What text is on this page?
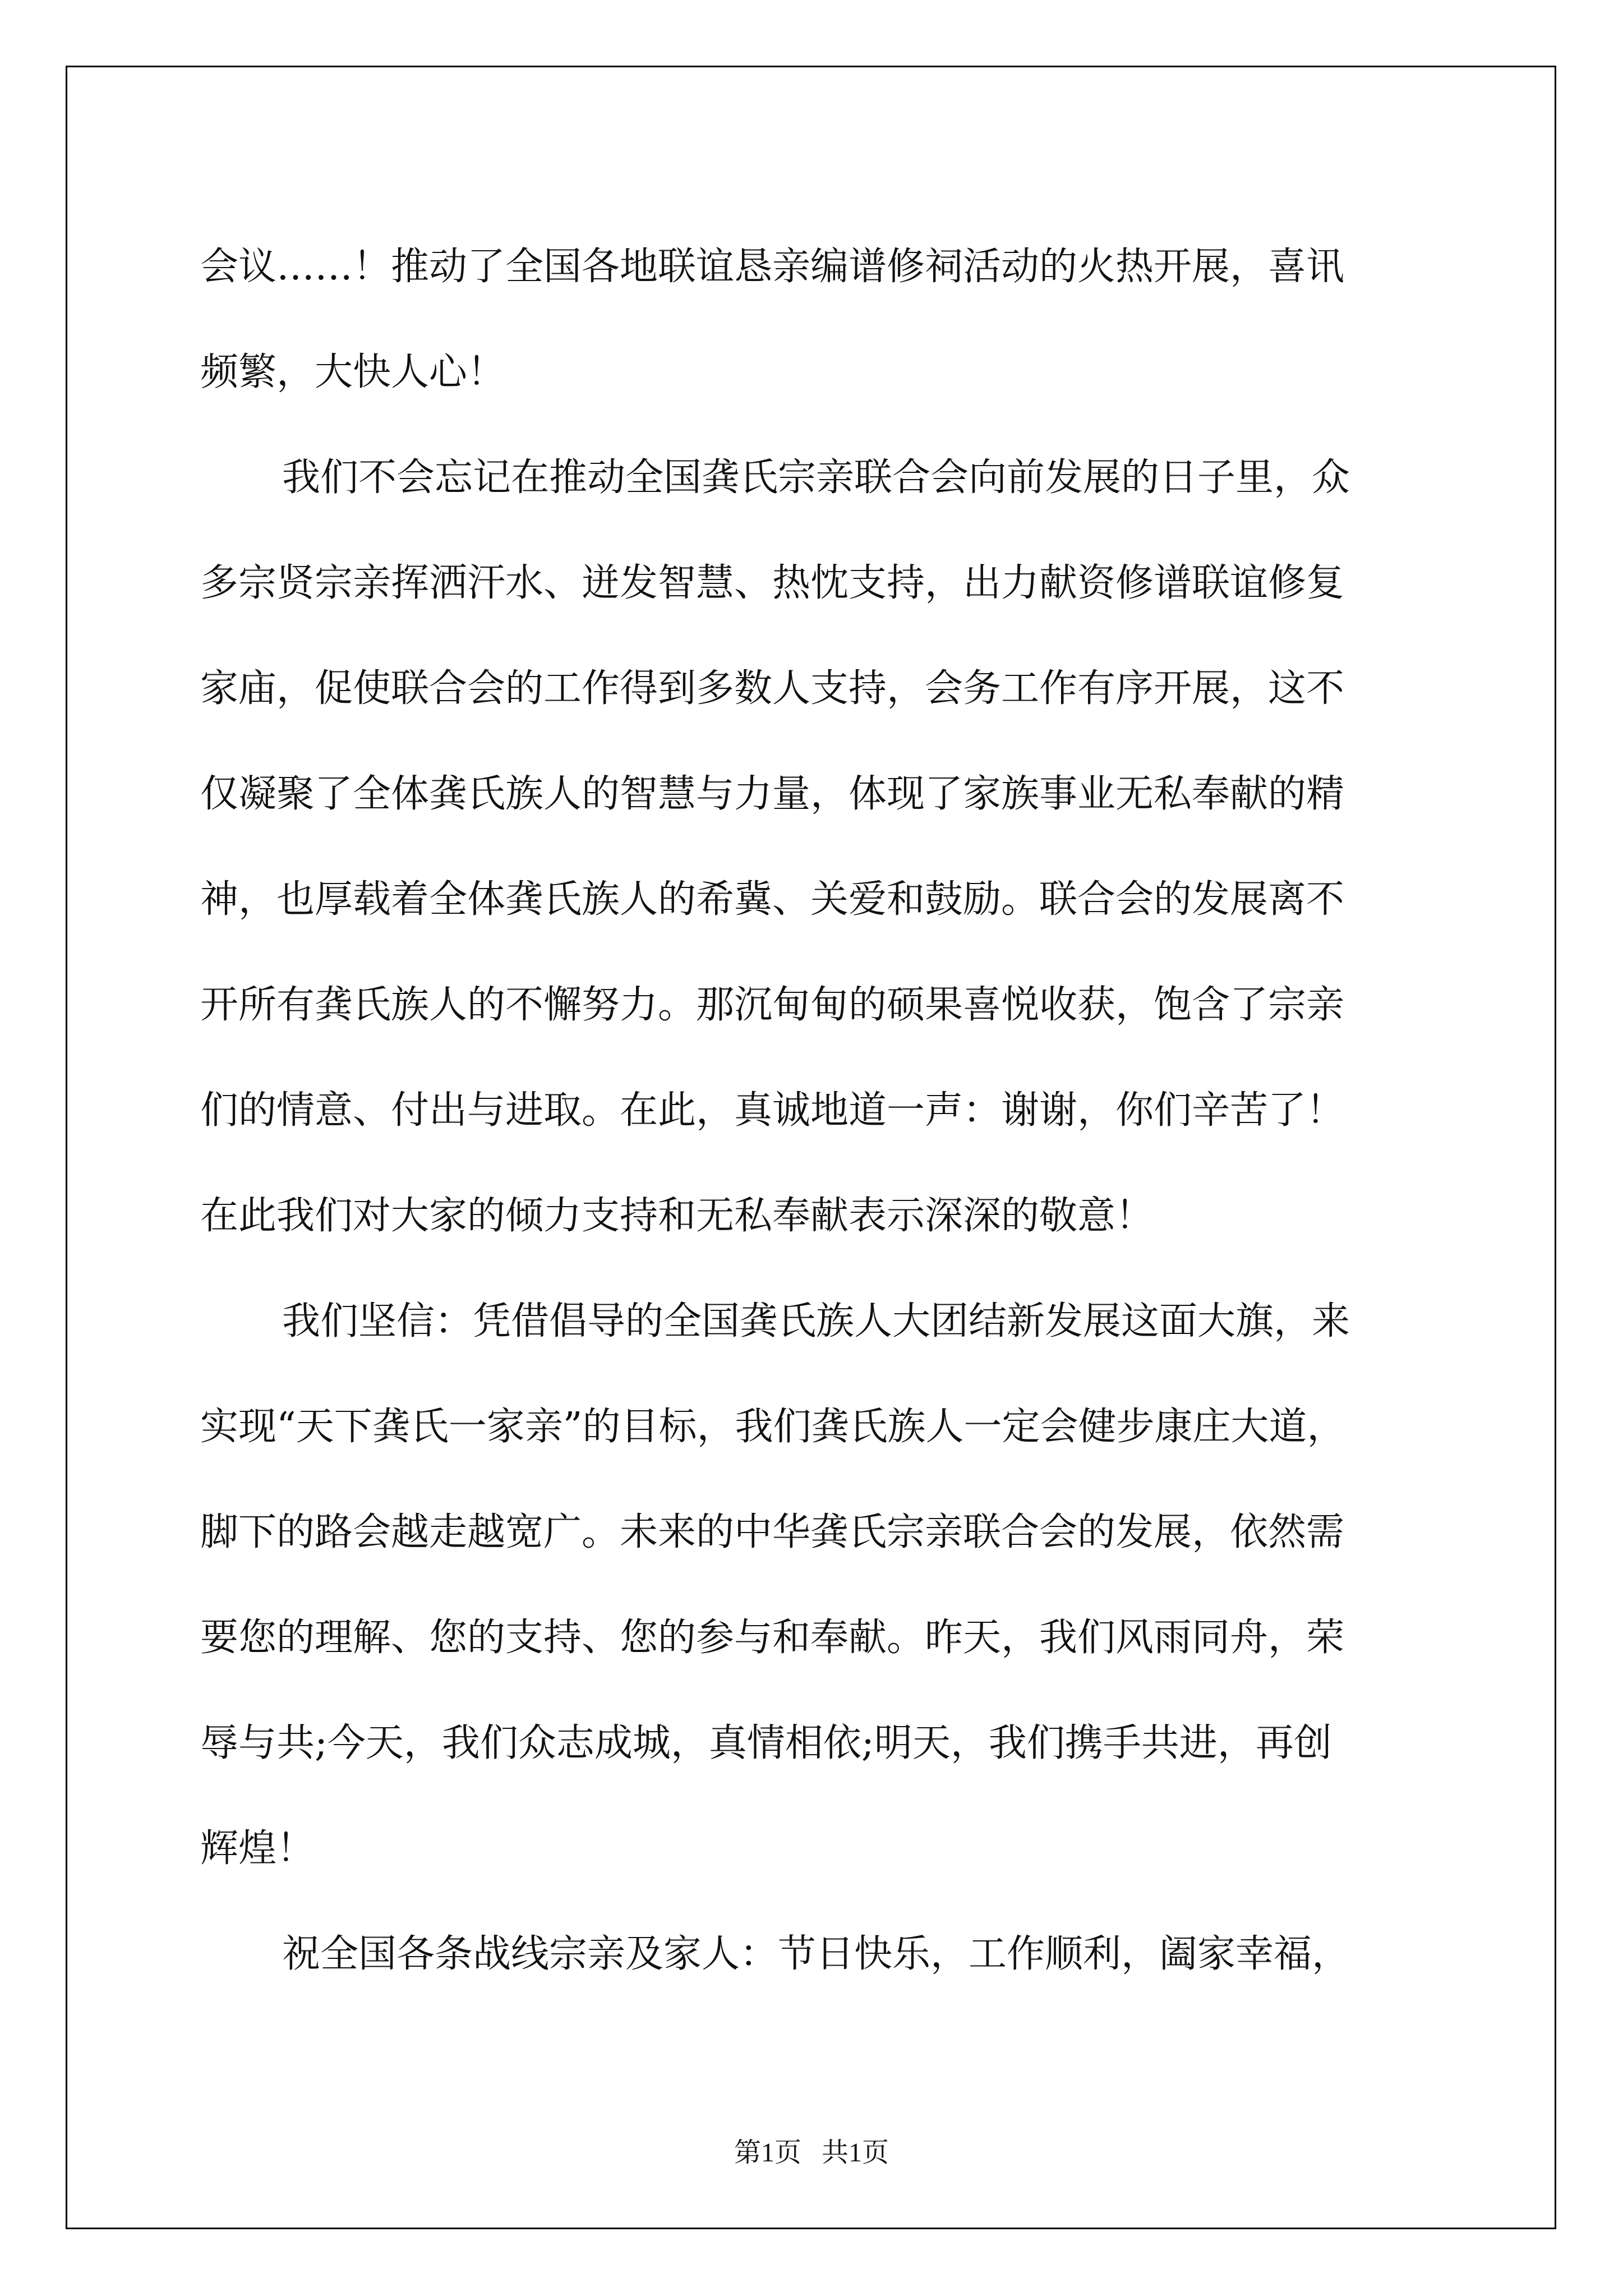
会议……！推动了全国各地联谊恳亲编谱修祠活动的火热开展，喜讯
频繁，大快人心！
我们不会忘记在推动全国龚氏宗亲联合会向前发展的日子里，众
多宗贤宗亲挥洒汗水、迸发智慧、热忱支持，出力献资修谱联谊修复
家庙，促使联合会的工作得到多数人支持，会务工作有序开展，这不
仅凝聚了全体龚氏族人的智慧与力量，体现了家族事业无私奉献的精
神，也厚载着全体龚氏族人的希冀、关爱和鼓励。联合会的发展离不
开所有龚氏族人的不懈努力。那沉甸甸的硕果喜悦收获，饱含了宗亲
们的情意、付出与进取。在此，真诚地道一声：谢谢，你们辛苦了！
在此我们对大家的倾力支持和无私奉献表示深深的敬意！
我们坚信：凭借倡导的全国龚氏族人大团结新发展这面大旗，来
实现“天下龚氏一家亲”的目标，我们龚氏族人一定会健步康庄大道，
脚下的路会越走越宽广。未来的中华龚氏宗亲联合会的发展，依然需
要您的理解、您的支持、您的参与和奉献。昨天，我们风雨同舟，荣
辱与共;今天，我们众志成城，真情相依;明天，我们携手共进，再创
辉煌！
祝全国各条战线宗亲及家人：节日快乐，工作顺利，阖家幸福，
第1页   共1页
